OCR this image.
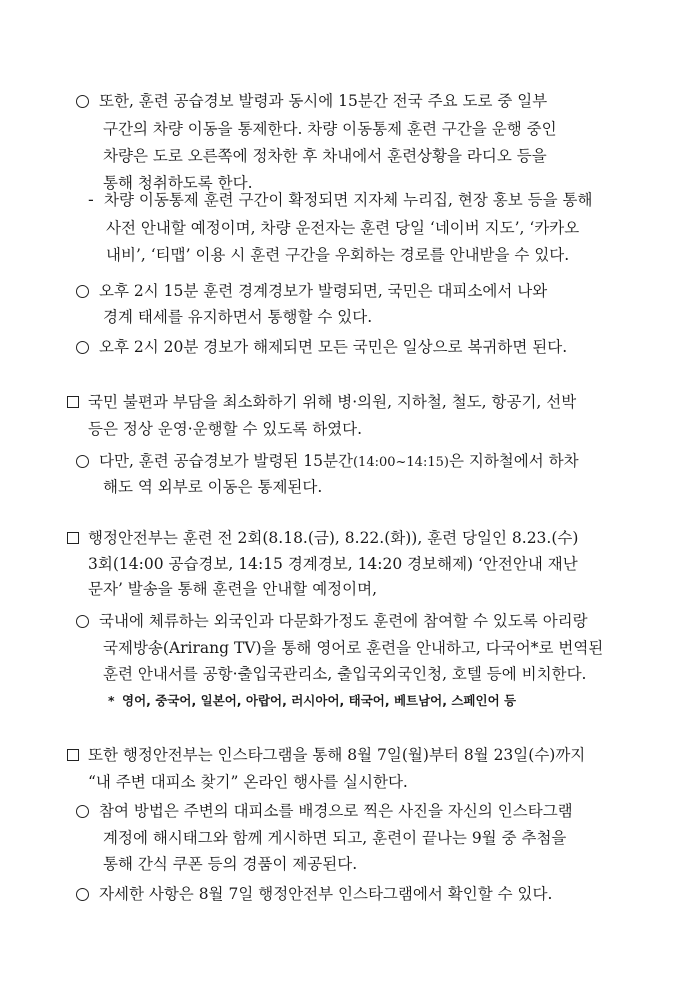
또한, 훈련 공습경보 발령과 동시에 15분간 전국 주요 도로 중 일부
구간의 차량 이동을 통제한다. 차량 이동통제 훈련 구간을 운행 중인
차량은 도로 오른쪽에 정차한 후 차내에서 훈련상황을 라디오 등을
통해 청취하도록 한다.
- 차량 이동통제 훈련 구간이 확정되면 지자체 누리집, 현장 홍보 등을 통해
사전 안내할 예정이며, 차량 운전자는 훈련 당일 ‘네이버 지도’, ‘카카오
내비’, ‘티맵’ 이용 시 훈련 구간을 우회하는 경로를 안내받을 수 있다.
오후 2시 15분 훈련 경계경보가 발령되면, 국민은 대피소에서 나와
경계 태세를 유지하면서 통행할 수 있다.
오후 2시 20분 경보가 해제되면 모든 국민은 일상으로 복귀하면 된다.
국민 불편과 부담을 최소화하기 위해 병·의원, 지하철, 철도, 항공기, 선박
등은 정상 운영·운행할 수 있도록 하였다.
다만, 훈련 공습경보가 발령된 15분간(14:00~14:15)은 지하철에서 하차
해도 역 외부로 이동은 통제된다.
행정안전부는 훈련 전 2회(8.18.(금), 8.22.(화)), 훈련 당일인 8.23.(수)
3회(14:00 공습경보, 14:15 경계경보, 14:20 경보해제) ‘안전안내 재난
문자’ 발송을 통해 훈련을 안내할 예정이며,
국내에 체류하는 외국인과 다문화가정도 훈련에 참여할 수 있도록 아리랑
국제방송(Arirang TV)을 통해 영어로 훈련을 안내하고, 다국어*로 번역된
훈련 안내서를 공항·출입국관리소, 출입국외국인청, 호텔 등에 비치한다.
* 영어, 중국어, 일본어, 아랍어, 러시아어, 태국어, 베트남어, 스페인어 등
또한 행정안전부는 인스타그램을 통해 8월 7일(월)부터 8월 23일(수)까지
“내 주변 대피소 찾기” 온라인 행사를 실시한다.
참여 방법은 주변의 대피소를 배경으로 찍은 사진을 자신의 인스타그램
계정에 해시태그와 함께 게시하면 되고, 훈련이 끝나는 9월 중 추첨을
통해 간식 쿠폰 등의 경품이 제공된다.
자세한 사항은 8월 7일 행정안전부 인스타그램에서 확인할 수 있다.
